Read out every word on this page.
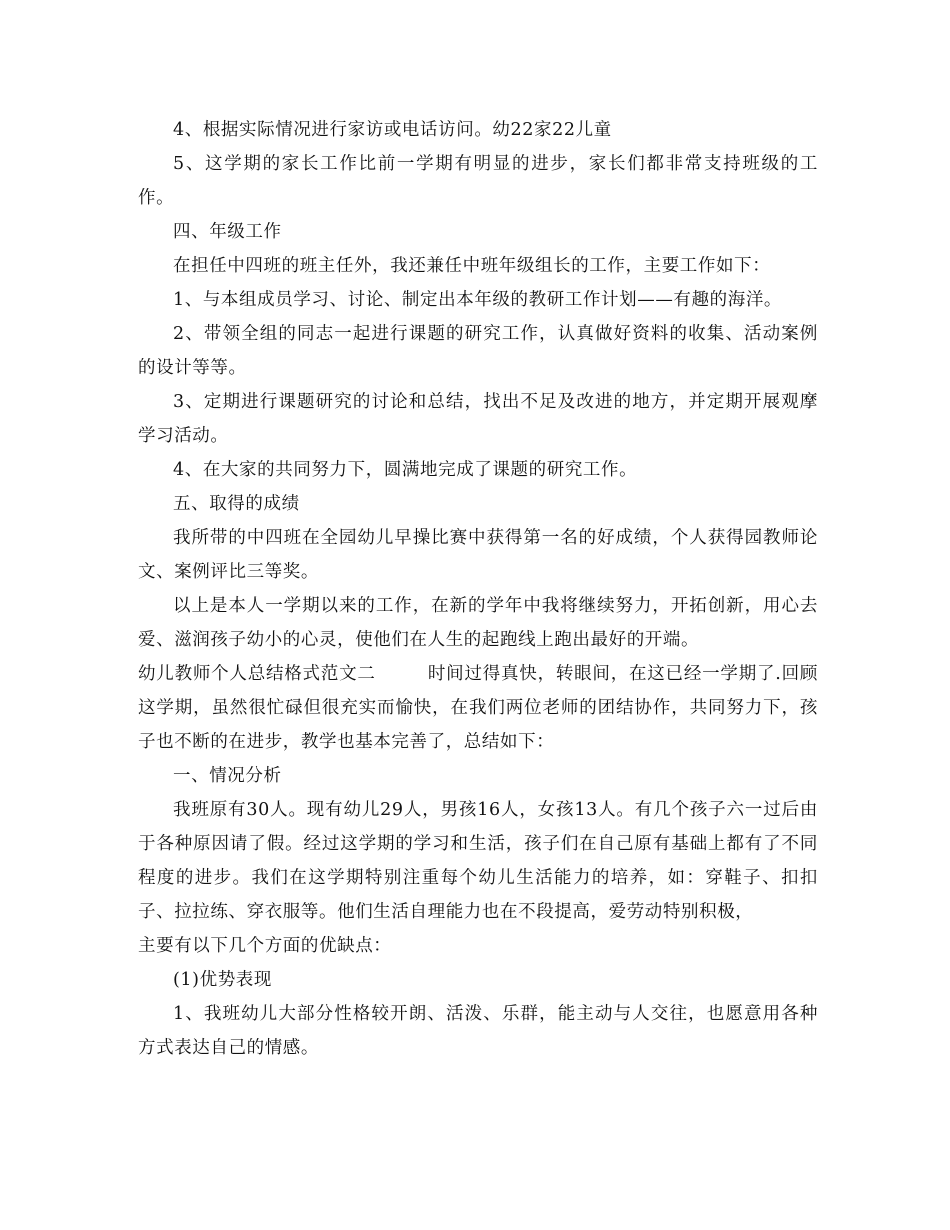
4、根据实际情况进行家访或电话访问。幼22家22儿童

5、这学期的家长工作比前一学期有明显的进步，家长们都非常支持班级的工作。

四、年级工作

在担任中四班的班主任外，我还兼任中班年级组长的工作，主要工作如下：

1、与本组成员学习、讨论、制定出本年级的教研工作计划——有趣的海洋。

2、带领全组的同志一起进行课题的研究工作，认真做好资料的收集、活动案例的设计等等。

3、定期进行课题研究的讨论和总结，找出不足及改进的地方，并定期开展观摩学习活动。

4、在大家的共同努力下，圆满地完成了课题的研究工作。

五、取得的成绩

我所带的中四班在全园幼儿早操比赛中获得第一名的好成绩，个人获得园教师论文、案例评比三等奖。

以上是本人一学期以来的工作，在新的学年中我将继续努力，开拓创新，用心去爱、滋润孩子幼小的心灵，使他们在人生的起跑线上跑出最好的开端。

幼儿教师个人总结格式范文二	时间过得真快，转眼间，在这已经一学期了.回顾这学期，虽然很忙碌但很充实而愉快，在我们两位老师的团结协作，共同努力下，孩子也不断的在进步，教学也基本完善了，总结如下：

一、情况分析

我班原有30人。现有幼儿29人，男孩16人，女孩13人。有几个孩子六一过后由于各种原因请了假。经过这学期的学习和生活，孩子们在自己原有基础上都有了不同程度的进步。我们在这学期特别注重每个幼儿生活能力的培养，如：穿鞋子、扣扣子、拉拉练、穿衣服等。他们生活自理能力也在不段提高，爱劳动特别积极，

主要有以下几个方面的优缺点：

(1)优势表现

1、我班幼儿大部分性格较开朗、活泼、乐群，能主动与人交往，也愿意用各种方式表达自己的情感。
